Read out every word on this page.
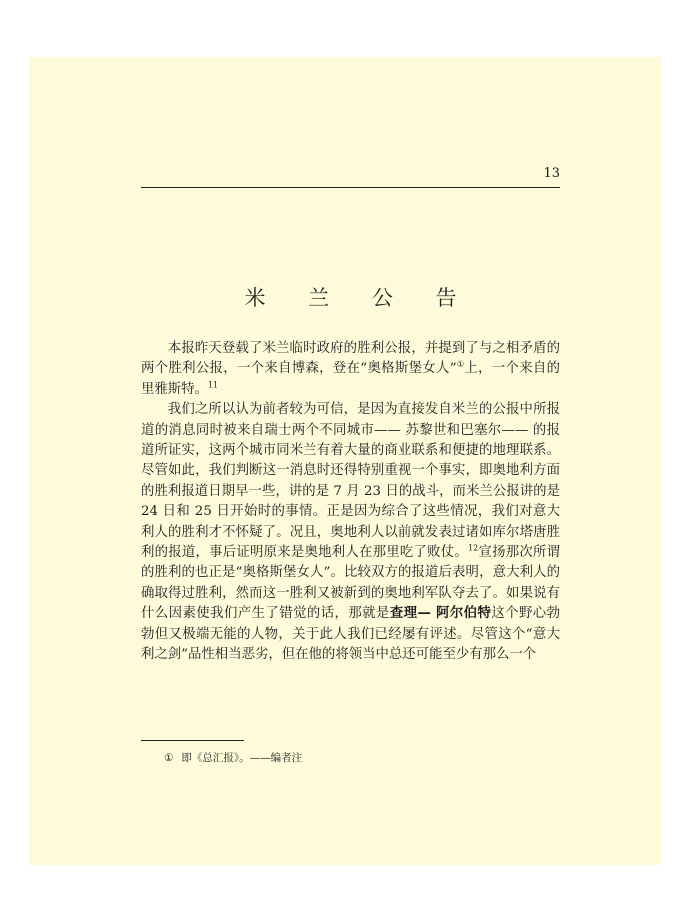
13
米 兰 公 告

本报昨天登载了米兰临时政府的胜利公报，并提到了与之相矛盾的两个胜利公报，一个来自博森，登在“奥格斯堡女人”①上，一个来自的里雅斯特。$^{11}$

我们之所以认为前者较为可信，是因为直接发自米兰的公报中所报道的消息同时被来自瑞士两个不同城市—— 苏黎世和巴塞尔—— 的报道所证实，这两个城市同米兰有着大量的商业联系和便捷的地理联系。尽管如此，我们判断这一消息时还得特别重视一个事实，即奥地利方面的胜利报道日期早一些，讲的是 7 月 23 日的战斗，而米兰公报讲的是 24 日和 25 日开始时的事情。正是因为综合了这些情况，我们对意大利人的胜利才不怀疑了。况且，奥地利人以前就发表过诸如库尔塔唐胜利的报道，事后证明原来是奥地利人在那里吃了败仗。$^{12}$宣扬那次所谓的胜利的也正是“奥格斯堡女人”。比较双方的报道后表明，意大利人的确取得过胜利，然而这一胜利又被新到的奥地利军队夺去了。如果说有什么因素使我们产生了错觉的话，那就是查理— 阿尔伯特这个野心勃勃但又极端无能的人物，关于此人我们已经屡有评述。尽管这个“意大利之剑”品性相当恶劣，但在他的将领当中总还可能至少有那么一个

① 即《总汇报》。——编者注
